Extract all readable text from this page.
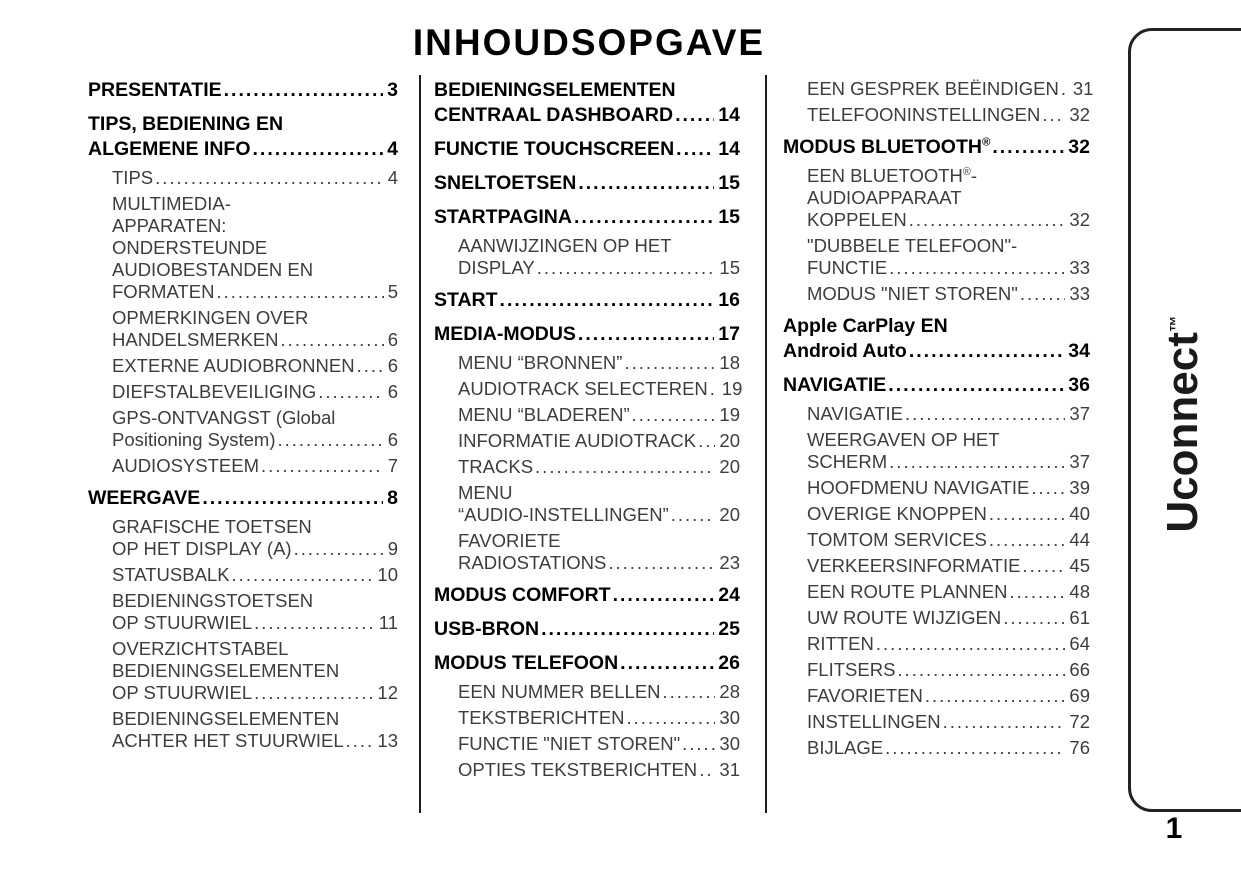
INHOUDSOPGAVE
PRESENTATIE .....	3
TIPS, BEDIENING EN
ALGEMENE INFO .....	4
TIPS .....	4
MULTIMEDIA-
APPARATEN:
ONDERSTEUNDE
AUDIOBESTANDEN EN
FORMATEN .....	5
OPMERKINGEN OVER
HANDELSMERKEN .....	6
EXTERNE AUDIOBRONNEN ..... 6
DIEFSTALBEVEILIGING .....	6
GPS-ONTVANGST (Global
Positioning System) .....	6
AUDIOSYSTEEM .....	7
WEERGAVE .....	8
GRAFISCHE TOETSEN
OP HET DISPLAY (A) .....	9
STATUSBALK .....	10
BEDIENINGSTOETSEN
OP STUURWIEL .....	11
OVERZICHTSTABEL
BEDIENINGSELEMENTEN
OP STUURWIEL .....	12
BEDIENINGSELEMENTEN
ACHTER HET STUURWIEL ..... 13
BEDIENINGSELEMENTEN
CENTRAAL DASHBOARD ..... 14
FUNCTIE TOUCHSCREEN ..... 14
SNELTOETSEN .....	15
STARTPAGINA .....	15
AANWIJZINGEN OP HET
DISPLAY .....	15
START .....	16
MEDIA-MODUS .....	17
MENU “BRONNEN” .....	18
AUDIOTRACK SELECTEREN ..... 19
MENU “BLADEREN” .....	19
INFORMATIE AUDIOTRACK ..... 20
TRACKS .....	20
MENU
“AUDIO-INSTELLINGEN” .....	20
FAVORIETE
RADIOSTATIONS .....	23
MODUS COMFORT .....	24
USB-BRON .....	25
MODUS TELEFOON .....	26
EEN NUMMER BELLEN .....	28
TEKSTBERICHTEN .....	30
FUNCTIE "NIET STOREN" ..... 30
OPTIES TEKSTBERICHTEN ..... 31
EEN GESPREK BEËINDIGEN ..... 31
TELEFOONINSTELLINGEN ..... 32
MODUS BLUETOOTH® .....	32
EEN BLUETOOTH®-
AUDIOAPPARAAT
KOPPELEN .....	32
"DUBBELE TELEFOON"-
FUNCTIE .....	33
MODUS "NIET STOREN" .....	33
Apple CarPlay EN
Android Auto .....	34
NAVIGATIE .....	36
NAVIGATIE .....	37
WEERGAVEN OP HET
SCHERM .....	37
HOOFDMENU NAVIGATIE ..... 39
OVERIGE KNOPPEN .....	40
TOMTOM SERVICES .....	44
VERKEERSINFORMATIE .....	45
EEN ROUTE PLANNEN .....	48
UW ROUTE WIJZIGEN .....	61
RITTEN .....	64
FLITSERS .....	66
FAVORIETEN .....	69
INSTELLINGEN .....	72
BIJLAGE .....	76
Uconnect™
1
